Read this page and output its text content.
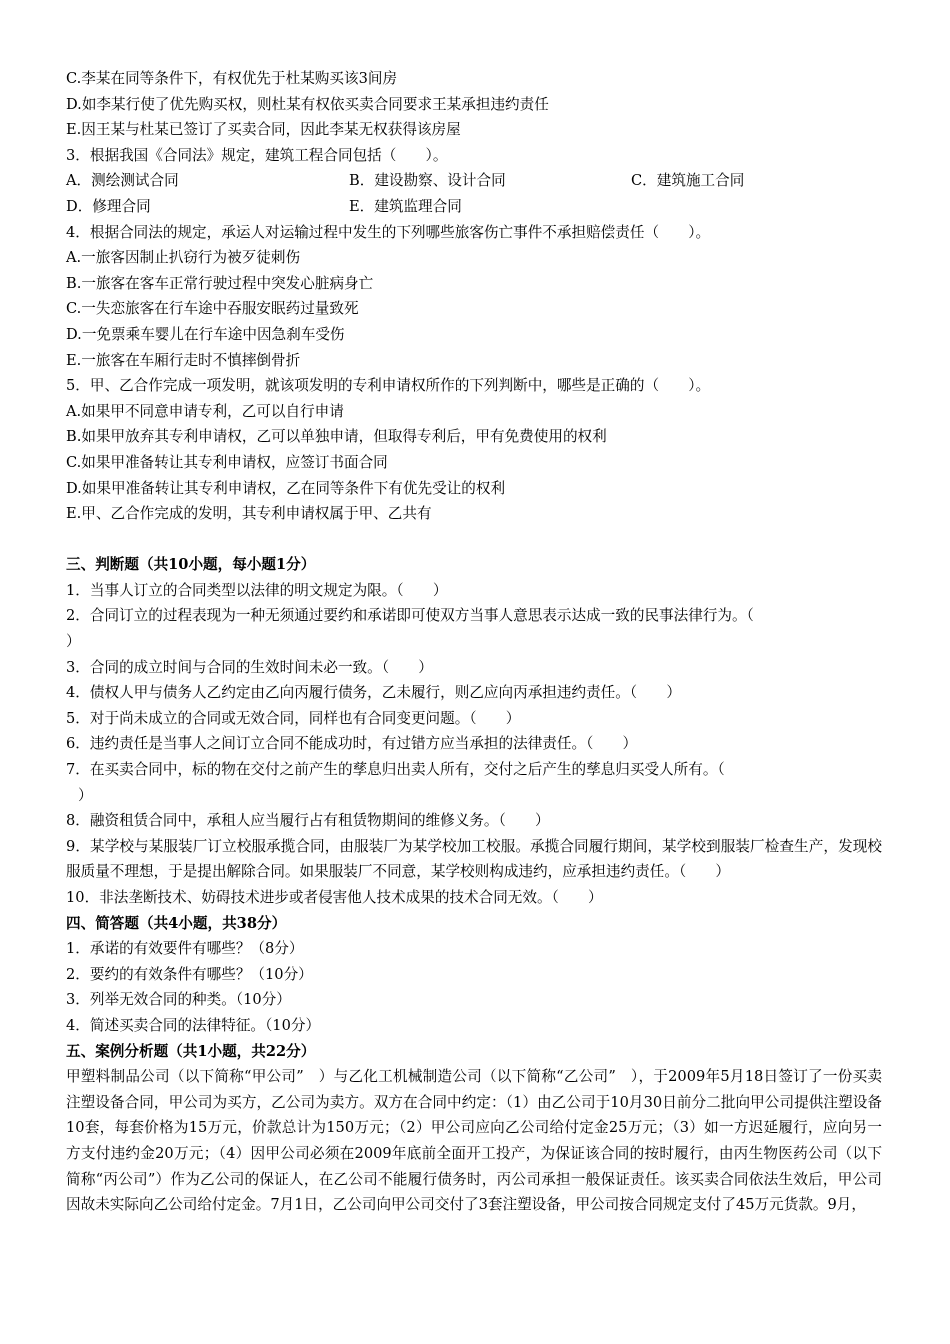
C.李某在同等条件下，有权优先于杜某购买该3间房
D.如李某行使了优先购买权，则杜某有权依买卖合同要求王某承担违约责任
E.因王某与杜某已签订了买卖合同，因此李某无权获得该房屋
3．根据我国《合同法》规定，建筑工程合同包括（　　）。
A．测绘测试合同	B．建设勘察、设计合同	C．建筑施工合同
D．修理合同	E．建筑监理合同
4．根据合同法的规定，承运人对运输过程中发生的下列哪些旅客伤亡事件不承担赔偿责任（　　）。
A.一旅客因制止扒窃行为被歹徒刺伤
B.一旅客在客车正常行驶过程中突发心脏病身亡
C.一失恋旅客在行车途中吞服安眠药过量致死
D.一免票乘车婴儿在行车途中因急刹车受伤
E.一旅客在车厢行走时不慎摔倒骨折
5．甲、乙合作完成一项发明，就该项发明的专利申请权所作的下列判断中，哪些是正确的（　　）。
A.如果甲不同意申请专利，乙可以自行申请
B.如果甲放弃其专利申请权，乙可以单独申请，但取得专利后，甲有免费使用的权利
C.如果甲准备转让其专利申请权，应签订书面合同
D.如果甲准备转让其专利申请权，乙在同等条件下有优先受让的权利
E.甲、乙合作完成的发明，其专利申请权属于甲、乙共有
三、判断题（共10小题，每小题1分）
1．当事人订立的合同类型以法律的明文规定为限。（　　）
2．合同订立的过程表现为一种无须通过要约和承诺即可使双方当事人意思表示达成一致的民事法律行为。（
）
3．合同的成立时间与合同的生效时间未必一致。（　　）
4．债权人甲与债务人乙约定由乙向丙履行债务，乙未履行，则乙应向丙承担违约责任。（　　）
5．对于尚未成立的合同或无效合同，同样也有合同变更问题。（　　）
6．违约责任是当事人之间订立合同不能成功时，有过错方应当承担的法律责任。（　　）
7．在买卖合同中，标的物在交付之前产生的孳息归出卖人所有，交付之后产生的孳息归买受人所有。（
）
8．融资租赁合同中，承租人应当履行占有租赁物期间的维修义务。（　　）
9．某学校与某服装厂订立校服承揽合同，由服装厂为某学校加工校服。承揽合同履行期间，某学校到服装厂检查生产，发现校服质量不理想，于是提出解除合同。如果服装厂不同意，某学校则构成违约，应承担违约责任。（　　）
10．非法垄断技术、妨碍技术进步或者侵害他人技术成果的技术合同无效。（　　）
四、简答题（共4小题，共38分）
1．承诺的有效要件有哪些？（8分）
2．要约的有效条件有哪些？（10分）
3．列举无效合同的种类。（10分）
4．简述买卖合同的法律特征。（10分）
五、案例分析题（共1小题，共22分）
甲塑料制品公司（以下简称“甲公司”　）与乙化工机械制造公司（以下简称“乙公司”　），于2009年5月18日签订了一份买卖注塑设备合同，甲公司为买方，乙公司为卖方。双方在合同中约定：（1）由乙公司于10月30日前分二批向甲公司提供注塑设备10套，每套价格为15万元，价款总计为150万元；（2）甲公司应向乙公司给付定金25万元；（3）如一方迟延履行，应向另一方支付违约金20万元；（4）因甲公司必须在2009年底前全面开工投产，为保证该合同的按时履行，由丙生物医药公司（以下简称“丙公司”）作为乙公司的保证人，在乙公司不能履行债务时，丙公司承担一般保证责任。该买卖合同依法生效后，甲公司因故未实际向乙公司给付定金。7月1日，乙公司向甲公司交付了3套注塑设备，甲公司按合同规定支付了45万元货款。9月，
